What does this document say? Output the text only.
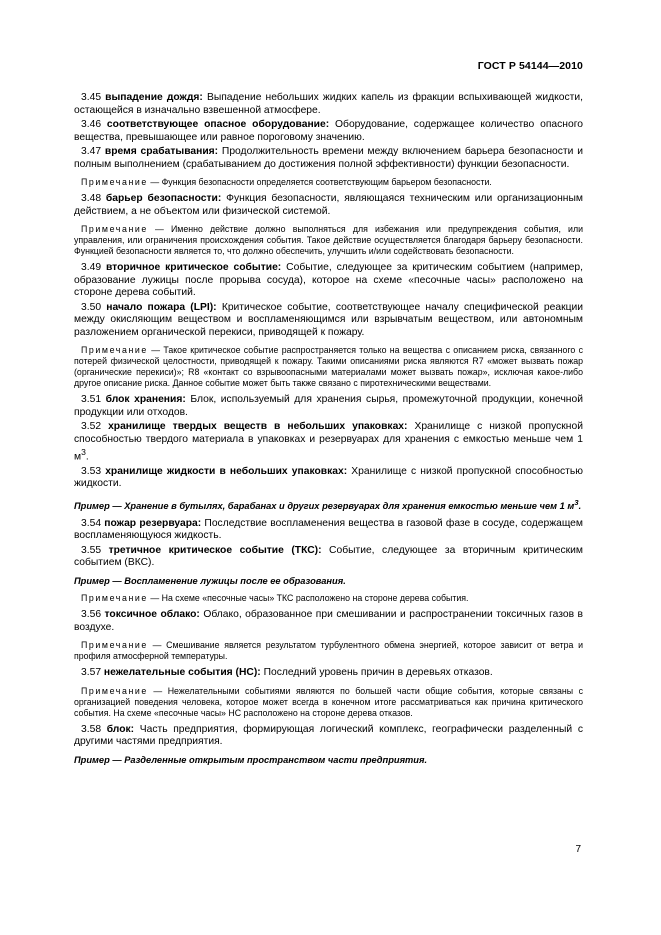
ГОСТ Р 54144—2010

3.45 выпадение дождя: Выпадение небольших жидких капель из фракции вспыхивающей жидкости, остающейся в изначально взвешенной атмосфере.

3.46 соответствующее опасное оборудование: Оборудование, содержащее количество опасного вещества, превышающее или равное пороговому значению.

3.47 время срабатывания: Продолжительность времени между включением барьера безопасности и полным выполнением (срабатыванием до достижения полной эффективности) функции безопасности.

Примечание — Функция безопасности определяется соответствующим барьером безопасности.

3.48 барьер безопасности: Функция безопасности, являющаяся техническим или организационным действием, а не объектом или физической системой.

Примечание — Именно действие должно выполняться для избежания или предупреждения события, или управления, или ограничения происхождения события. Такое действие осуществляется благодаря барьеру безопасности. Функцией безопасности является то, что должно обеспечить, улучшить и/или содействовать безопасности.

3.49 вторичное критическое событие: Событие, следующее за критическим событием (например, образование лужицы после прорыва сосуда), которое на схеме «песочные часы» расположено на стороне дерева событий.

3.50 начало пожара (LPI): Критическое событие, соответствующее началу специфической реакции между окисляющим веществом и воспламеняющимся или взрывчатым веществом, или автономным разложением органической перекиси, приводящей к пожару.

Примечание — Такое критическое событие распространяется только на вещества с описанием риска, связанного с потерей физической целостности, приводящей к пожару. Такими описаниями риска являются R7 «может вызвать пожар (органические перекиси)»; R8 «контакт со взрывоопасными материалами может вызвать пожар», исключая какое-либо другое описание риска. Данное событие может быть также связано с пиротехническими веществами.

3.51 блок хранения: Блок, используемый для хранения сырья, промежуточной продукции, конечной продукции или отходов.

3.52 хранилище твердых веществ в небольших упаковках: Хранилище с низкой пропускной способностью твердого материала в упаковках и резервуарах для хранения с емкостью меньше чем 1 $м^3$.

3.53 хранилище жидкости в небольших упаковках: Хранилище с низкой пропускной способностью жидкости.

Пример — Хранение в бутылях, барабанах и других резервуарах для хранения емкостью меньше чем 1 $м^3$.

3.54 пожар резервуара: Последствие воспламенения вещества в газовой фазе в сосуде, содержащем воспламеняющуюся жидкость.

3.55 третичное критическое событие (ТКС): Событие, следующее за вторичным критическим событием (ВКС).

Пример — Воспламенение лужицы после ее образования.

Примечание — На схеме «песочные часы» ТКС расположено на стороне дерева события.

3.56 токсичное облако: Облако, образованное при смешивании и распространении токсичных газов в воздухе.

Примечание — Смешивание является результатом турбулентного обмена энергией, которое зависит от ветра и профиля атмосферной температуры.

3.57 нежелательные события (НС): Последний уровень причин в деревьях отказов.

Примечание — Нежелательными событиями являются по большей части общие события, которые связаны с организацией поведения человека, которое может всегда в конечном итоге рассматриваться как причина критического события. На схеме «песочные часы» НС расположено на стороне дерева отказов.

3.58 блок: Часть предприятия, формирующая логический комплекс, географически разделенный с другими частями предприятия.

Пример — Разделенные открытым пространством части предприятия.

7
